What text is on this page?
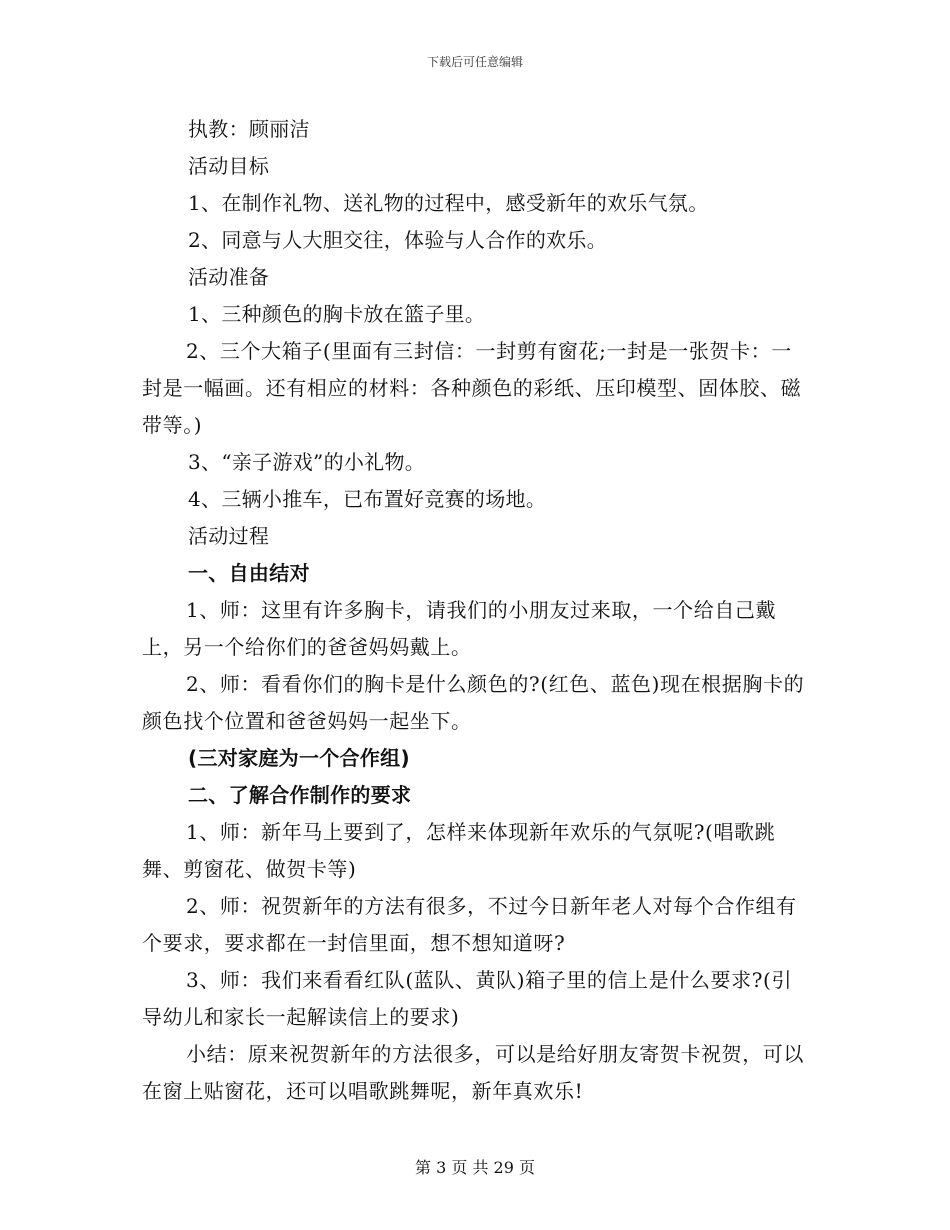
下载后可任意编辑

执教：顾丽洁

活动目标

1、在制作礼物、送礼物的过程中，感受新年的欢乐气氛。

2、同意与人大胆交往，体验与人合作的欢乐。

活动准备

1、三种颜色的胸卡放在篮子里。

2、三个大箱子(里面有三封信：一封剪有窗花;一封是一张贺卡：一封是一幅画。还有相应的材料：各种颜色的彩纸、压印模型、固体胶、磁带等。)

3、“亲子游戏”的小礼物。

4、三辆小推车，已布置好竞赛的场地。

活动过程

一、自由结对

1、师：这里有许多胸卡，请我们的小朋友过来取，一个给自己戴上，另一个给你们的爸爸妈妈戴上。

2、师：看看你们的胸卡是什么颜色的?(红色、蓝色)现在根据胸卡的颜色找个位置和爸爸妈妈一起坐下。

(三对家庭为一个合作组)

二、了解合作制作的要求

1、师：新年马上要到了，怎样来体现新年欢乐的气氛呢?(唱歌跳舞、剪窗花、做贺卡等)

2、师：祝贺新年的方法有很多，不过今日新年老人对每个合作组有个要求，要求都在一封信里面，想不想知道呀?

3、师：我们来看看红队(蓝队、黄队)箱子里的信上是什么要求?(引导幼儿和家长一起解读信上的要求)

小结：原来祝贺新年的方法很多，可以是给好朋友寄贺卡祝贺，可以在窗上贴窗花，还可以唱歌跳舞呢，新年真欢乐!

第 3 页 共 29 页
